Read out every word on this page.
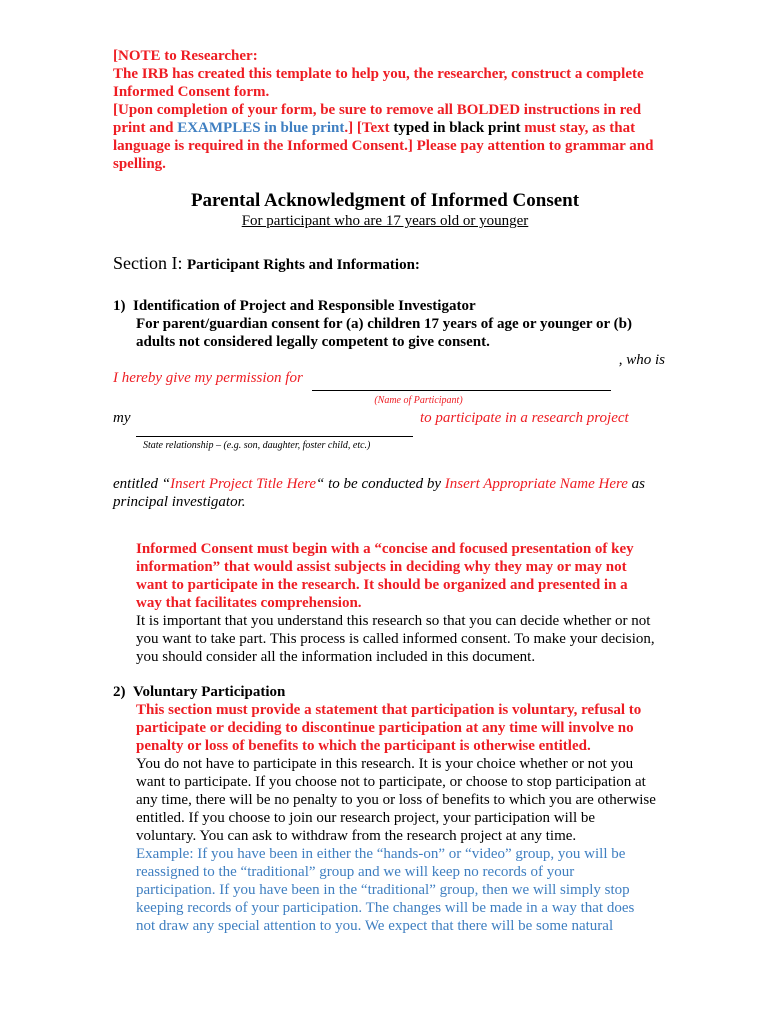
[NOTE to Researcher:

The IRB has created this template to help you, the researcher, construct a complete Informed Consent form.

[Upon completion of your form, be sure to remove all BOLDED instructions in red print and EXAMPLES in blue print.] [Text typed in black print must stay, as that language is required in the Informed Consent.] Please pay attention to grammar and spelling.

Parental Acknowledgment of Informed Consent
For participant who are 17 years old or younger
Section I: Participant Rights and Information:
1)  Identification of Project and Responsible Investigator
For parent/guardian consent for (a) children 17 years of age or younger or (b) adults not considered legally competent to give consent.
, who is
I hereby give my permission for
(Name of Participant)
my	to participate in a research project
State relationship – (e.g. son, daughter, foster child, etc.)
entitled “Insert Project Title Here“ to be conducted by Insert Appropriate Name Here as
principal investigator.

Informed Consent must begin with a “concise and focused presentation of key information” that would assist subjects in deciding why they may or may not want to participate in the research. It should be organized and presented in a way that facilitates comprehension.

It is important that you understand this research so that you can decide whether or not you want to take part. This process is called informed consent. To make your decision, you should consider all the information included in this document.

2)  Voluntary Participation

This section must provide a statement that participation is voluntary, refusal to participate or deciding to discontinue participation at any time will involve no penalty or loss of benefits to which the participant is otherwise entitled.

You do not have to participate in this research. It is your choice whether or not you want to participate. If you choose not to participate, or choose to stop participation at any time, there will be no penalty to you or loss of benefits to which you are otherwise entitled. If you choose to join our research project, your participation will be voluntary. You can ask to withdraw from the research project at any time.

Example: If you have been in either the “hands-on” or “video” group, you will be reassigned to the “traditional” group and we will keep no records of your participation. If you have been in the “traditional” group, then we will simply stop keeping records of your participation. The changes will be made in a way that does not draw any special attention to you. We expect that there will be some natural
